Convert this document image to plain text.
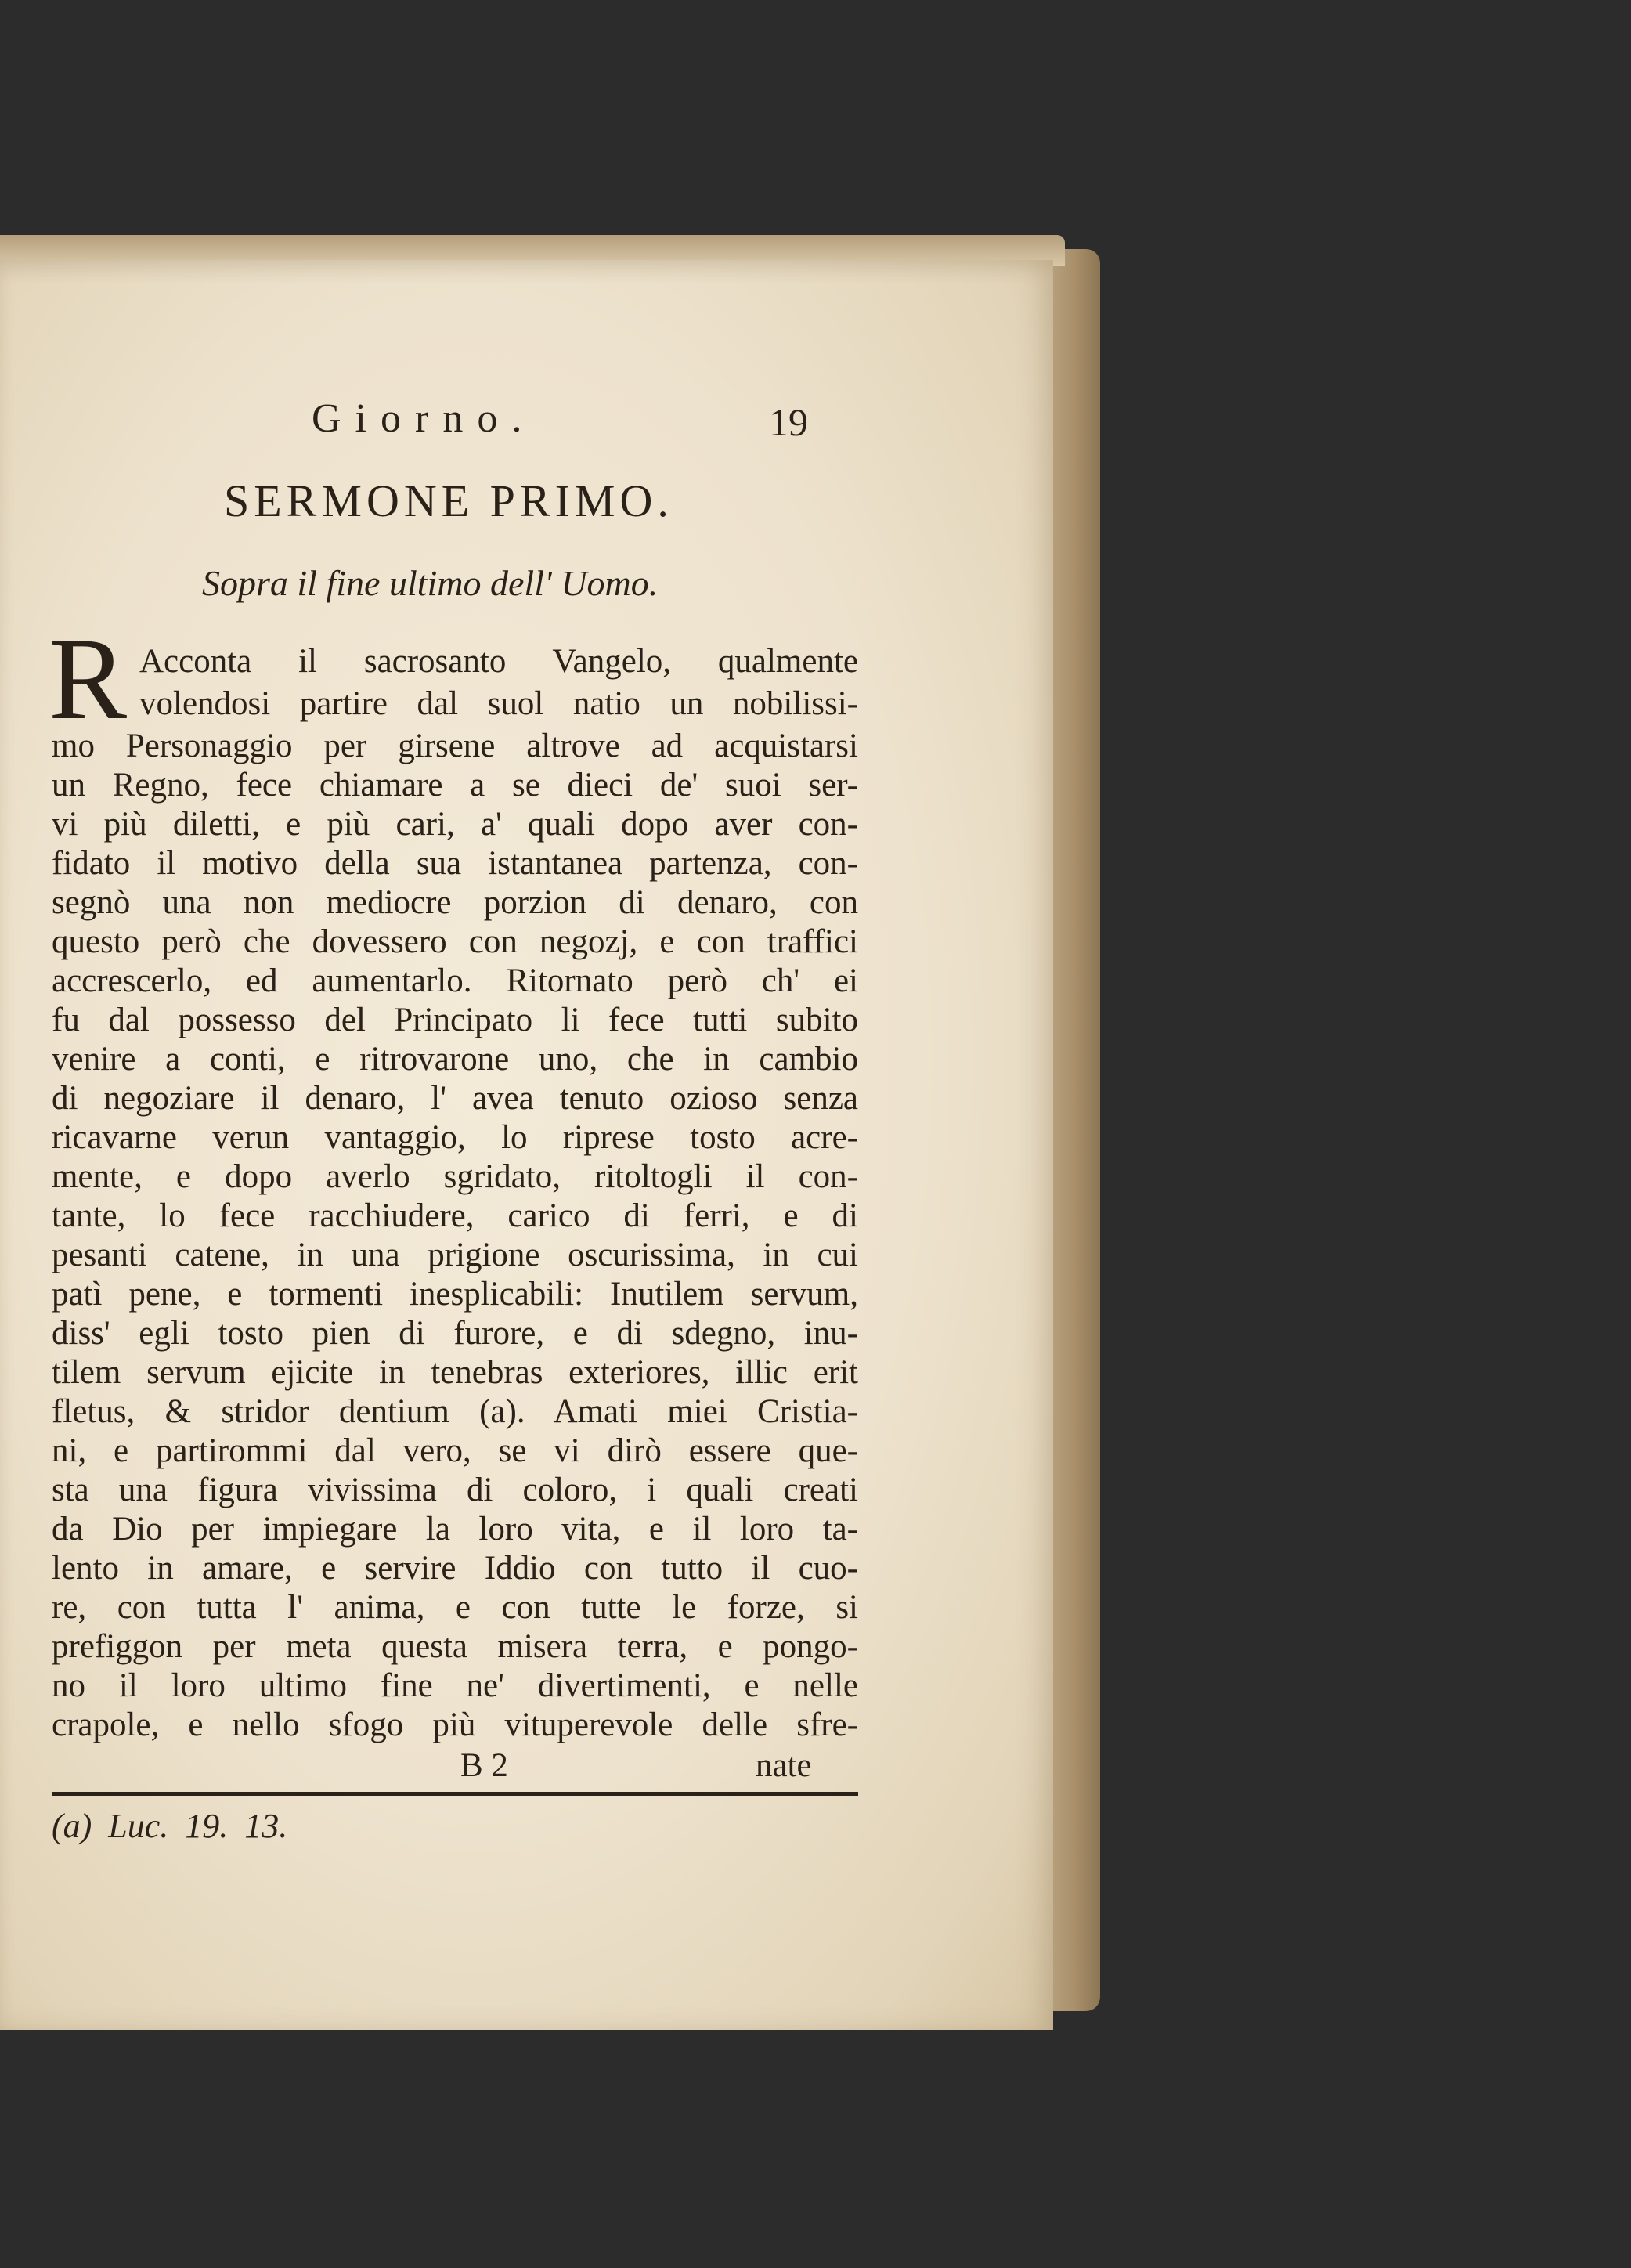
Giorno.	19
SERMONE PRIMO.
Sopra il fine ultimo dell' Uomo.
R Acconta il sacrosanto Vangelo, qualmente
volendosi partire dal suol natio un nobilissi-
mo Personaggio per girsene altrove ad acquistarsi
un Regno, fece chiamare a se dieci de' suoi ser-
vi più diletti, e più cari, a' quali dopo aver con-
fidato il motivo della sua istantanea partenza, con-
segnò una non mediocre porzion di denaro, con
questo però che dovessero con negozj, e con traffici
accrescerlo, ed aumentarlo. Ritornato però ch' ei
fu dal possesso del Principato li fece tutti subito
venire a conti, e ritrovarone uno, che in cambio
di negoziare il denaro, l' avea tenuto ozioso senza
ricavarne verun vantaggio, lo riprese tosto acre-
mente, e dopo averlo sgridato, ritoltogli il con-
tante, lo fece racchiudere, carico di ferri, e di
pesanti catene, in una prigione oscurissima, in cui
patì pene, e tormenti inesplicabili: Inutilem servum,
diss' egli tosto pien di furore, e di sdegno, inu-
tilem servum ejicite in tenebras exteriores, illic erit
fletus, & stridor dentium (a). Amati miei Cristia-
ni, e partirommi dal vero, se vi dirò essere que-
sta una figura vivissima di coloro, i quali creati
da Dio per impiegare la loro vita, e il loro ta-
lento in amare, e servire Iddio con tutto il cuo-
re, con tutta l' anima, e con tutte le forze, si
prefiggon per meta questa misera terra, e pongo-
no il loro ultimo fine ne' divertimenti, e nelle
crapole, e nello sfogo più vituperevole delle sfre-
B 2	nate
(a) Luc. 19. 13.
